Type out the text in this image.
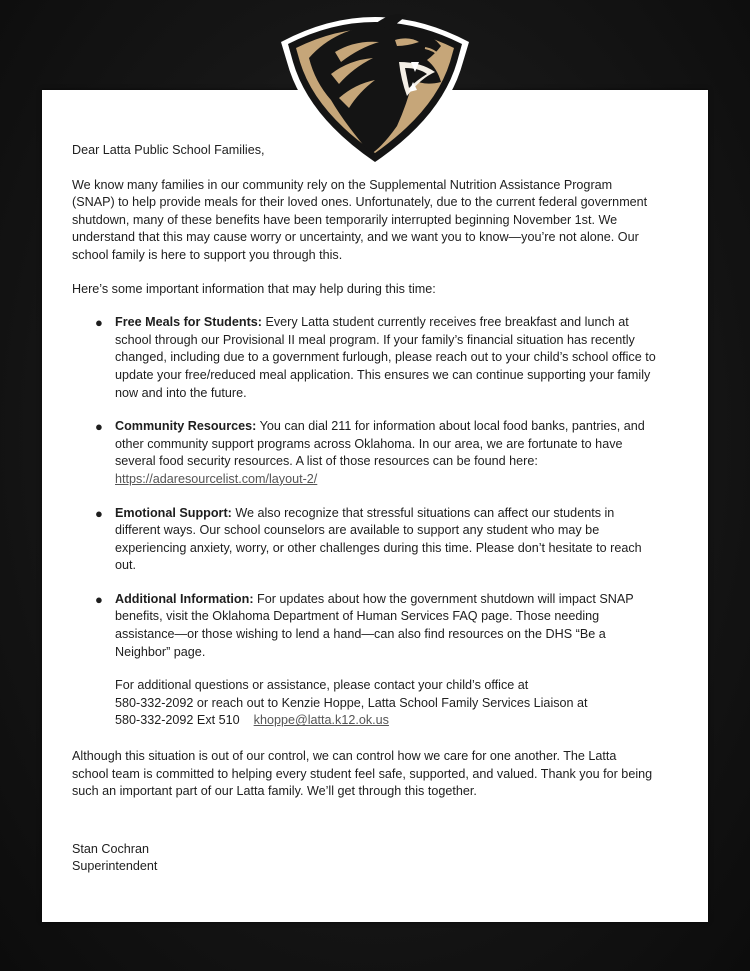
Dear Latta Public School Families,

We know many families in our community rely on the Supplemental Nutrition Assistance Program (SNAP) to help provide meals for their loved ones. Unfortunately, due to the current federal government shutdown, many of these benefits have been temporarily interrupted beginning November 1st. We understand that this may cause worry or uncertainty, and we want you to know—you’re not alone. Our school family is here to support you through this.

Here’s some important information that may help during this time:

● Free Meals for Students: Every Latta student currently receives free breakfast and lunch at school through our Provisional II meal program. If your family’s financial situation has recently changed, including due to a government furlough, please reach out to your child’s school office to update your free/reduced meal application. This ensures we can continue supporting your family now and into the future.
● Community Resources: You can dial 211 for information about local food banks, pantries, and other community support programs across Oklahoma. In our area, we are fortunate to have several food security resources. A list of those resources can be found here: https://adaresourcelist.com/layout-2/
● Emotional Support: We also recognize that stressful situations can affect our students in different ways. Our school counselors are available to support any student who may be experiencing anxiety, worry, or other challenges during this time. Please don’t hesitate to reach out.
● Additional Information: For updates about how the government shutdown will impact SNAP benefits, visit the Oklahoma Department of Human Services FAQ page. Those needing assistance—or those wishing to lend a hand—can also find resources on the DHS “Be a Neighbor” page.
For additional questions or assistance, please contact your child’s office at
580-332-2092 or reach out to Kenzie Hoppe, Latta School Family Services Liaison at
580-332-2092 Ext 510 khoppe@latta.k12.ok.us

Although this situation is out of our control, we can control how we care for one another. The Latta school team is committed to helping every student feel safe, supported, and valued. Thank you for being such an important part of our Latta family. We’ll get through this together.

Stan Cochran
Superintendent
